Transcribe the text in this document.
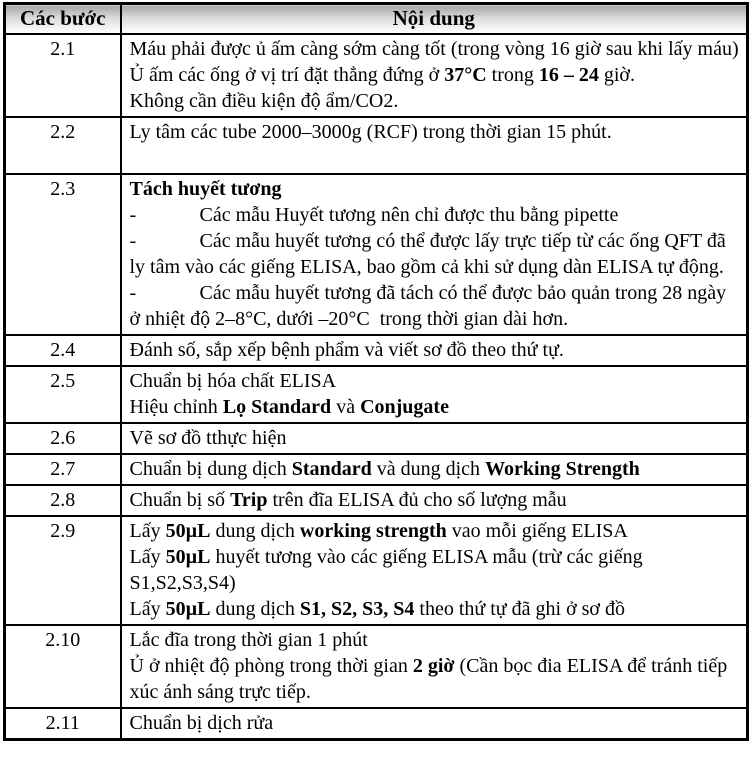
Các bước	Nội dung
2.1	Máu phải được ủ ấm càng sớm càng tốt (trong vòng 16 giờ sau khi lấy máu)
Ủ ấm các ống ở vị trí đặt thẳng đứng ở 37°C trong 16 – 24 giờ.
Không cần điều kiện độ ẩm/CO2.

2.2	Ly tâm các tube 2000–3000g (RCF) trong thời gian 15 phút.

2.3	Tách huyết tương
-	Các mẫu Huyết tương nên chỉ được thu bằng pipette
-	Các mẫu huyết tương có thể được lấy trực tiếp từ các ống QFT đã ly tâm vào các giếng ELISA, bao gồm cả khi sử dụng dàn ELISA tự động.
-	Các mẫu huyết tương đã tách có thể được bảo quản trong 28 ngày ở nhiệt độ 2–8°C, dưới –20°C  trong thời gian dài hơn.

2.4	Đánh số, sắp xếp bệnh phẩm và viết sơ đồ theo thứ tự.

2.5	Chuẩn bị hóa chất ELISA
Hiệu chỉnh Lọ Standard và Conjugate

2.6	Vẽ sơ đồ tthực hiện

2.7	Chuẩn bị dung dịch Standard và dung dịch Working Strength

2.8	Chuẩn bị số Trip trên đĩa ELISA đủ cho số lượng mẫu

2.9	Lấy 50µL dung dịch working strength vao mỗi giếng ELISA
Lấy 50µL huyết tương vào các giếng ELISA mẫu (trừ các giếng S1,S2,S3,S4)
Lấy 50µL dung dịch S1, S2, S3, S4 theo thứ tự đã ghi ở sơ đồ

2.10	Lắc đĩa trong thời gian 1 phút
Ủ ở nhiệt độ phòng trong thời gian 2 giờ (Cần bọc đia ELISA để tránh tiếp xúc ánh sáng trực tiếp.

2.11	Chuẩn bị dịch rửa
